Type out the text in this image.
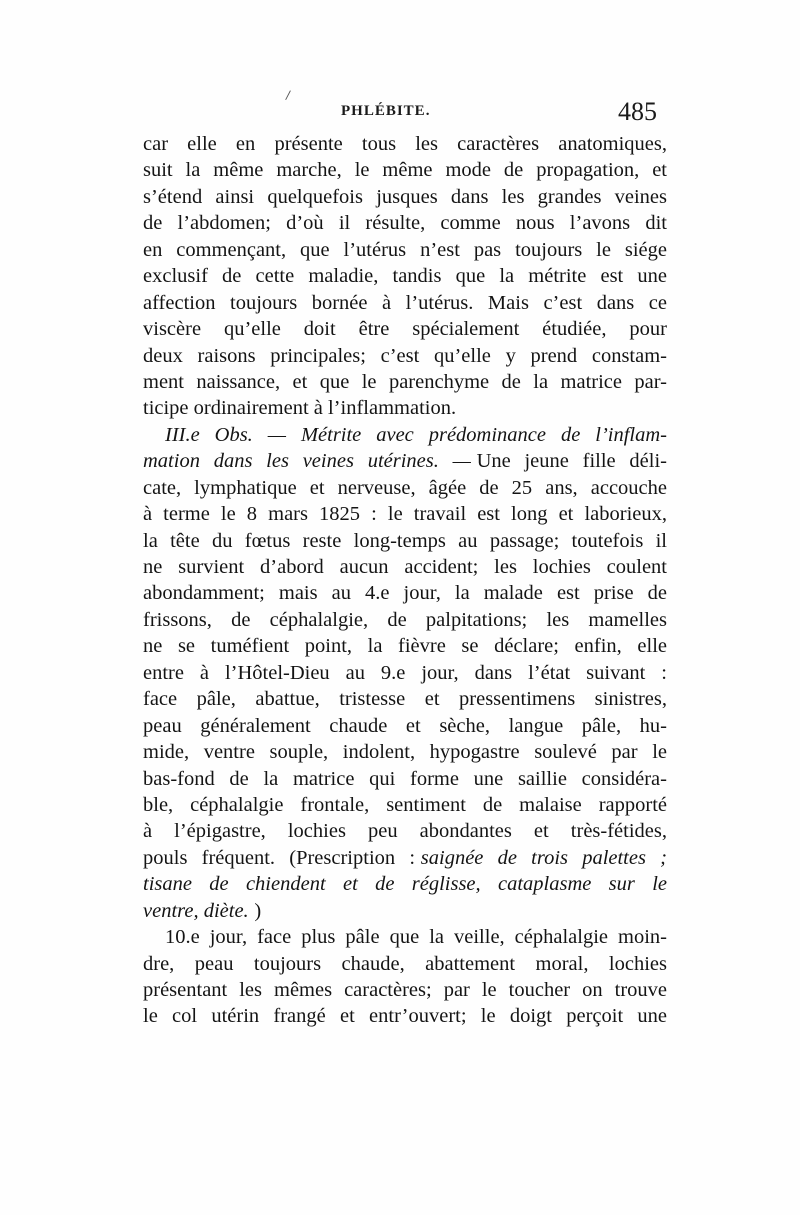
/
PHLÉBITE.	485
car elle en présente tous les caractères anatomiques,
suit la même marche, le même mode de propagation, et
s’étend ainsi quelquefois jusques dans les grandes veines
de l’abdomen; d’où il résulte, comme nous l’avons dit
en commençant, que l’utérus n’est pas toujours le siége
exclusif de cette maladie, tandis que la métrite est une
affection toujours bornée à l’utérus. Mais c’est dans ce
viscère qu’elle doit être spécialement étudiée, pour
deux raisons principales; c’est qu’elle y prend constam-
ment naissance, et que le parenchyme de la matrice par-
ticipe ordinairement à l’inflammation.
III.e Obs. — Métrite avec prédominance de l’inflam-
mation dans les veines utérines. — Une jeune fille déli-
cate, lymphatique et nerveuse, âgée de 25 ans, accouche
à terme le 8 mars 1825 : le travail est long et laborieux,
la tête du fœtus reste long-temps au passage; toutefois il
ne survient d’abord aucun accident; les lochies coulent
abondamment; mais au 4.e jour, la malade est prise de
frissons, de céphalalgie, de palpitations; les mamelles
ne se tuméfient point, la fièvre se déclare; enfin, elle
entre à l’Hôtel-Dieu au 9.e jour, dans l’état suivant :
face pâle, abattue, tristesse et pressentimens sinistres,
peau généralement chaude et sèche, langue pâle, hu-
mide, ventre souple, indolent, hypogastre soulevé par le
bas-fond de la matrice qui forme une saillie considéra-
ble, céphalalgie frontale, sentiment de malaise rapporté
à l’épigastre, lochies peu abondantes et très-fétides,
pouls fréquent. (Prescription : saignée de trois palettes ;
tisane de chiendent et de réglisse, cataplasme sur le
ventre, diète. )
10.e jour, face plus pâle que la veille, céphalalgie moin-
dre, peau toujours chaude, abattement moral, lochies
présentant les mêmes caractères; par le toucher on trouve
le col utérin frangé et entr’ouvert; le doigt perçoit une
